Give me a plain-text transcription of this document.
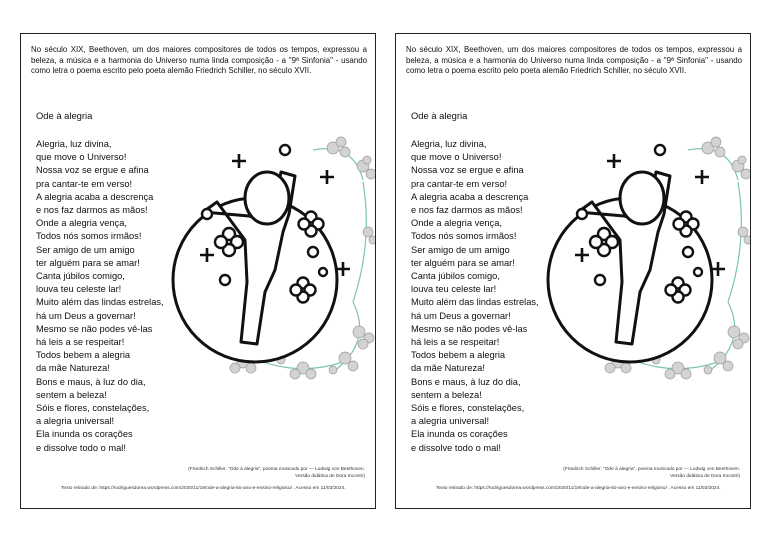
No século XIX, Beethoven, um dos maiores compositores de todos os tempos, expressou a beleza, a música e a harmonia do Universo numa linda composição - a "9ª Sinfonia" - usando como letra o poema escrito pelo poeta alemão Friedrich Schiller, no século XVII.
Ode à alegria
Alegria, luz divina,
que move o Universo!
Nossa voz se ergue e afina
pra cantar-te em verso!
A alegria acaba a descrença
e nos faz darmos as mãos!
Onde a alegria vença,
Todos nós somos irmãos!
Ser amigo de um amigo
ter alguém para se amar!
Canta júbilos comigo,
louva teu celeste lar!
Muito além das lindas estrelas,
há um Deus a governar!
Mesmo se não podes vê-las
há leis a se respeitar!
Todos bebem a alegria
da mãe Natureza!
Bons e maus, à luz do dia,
sentem a beleza!
Sóis e flores, constelações,
a alegria universal!
Ela inunda os corações
e dissolve todo o mal!
(Friedrich Schiller. "Ode à alegria", poema musicado por — Ludwig von Beethoven.
Versão didática de Dora Incontri)
Texto retirado de: https://rodriguesdorea.wordpress.com/2020/11/19/ode-a-alegria-6o-ano-e-ensino-religioso/ . Acesso em 11/03/2024.
No século XIX, Beethoven, um dos maiores compositores de todos os tempos, expressou a beleza, a música e a harmonia do Universo numa linda composição - a "9ª Sinfonia" - usando como letra o poema escrito pelo poeta alemão Friedrich Schiller, no século XVII.
Ode à alegria
Alegria, luz divina,
que move o Universo!
Nossa voz se ergue e afina
pra cantar-te em verso!
A alegria acaba a descrença
e nos faz darmos as mãos!
Onde a alegria vença,
Todos nós somos irmãos!
Ser amigo de um amigo
ter alguém para se amar!
Canta júbilos comigo,
louva teu celeste lar!
Muito além das lindas estrelas,
há um Deus a governar!
Mesmo se não podes vê-las
há leis a se respeitar!
Todos bebem a alegria
da mãe Natureza!
Bons e maus, à luz do dia,
sentem a beleza!
Sóis e flores, constelações,
a alegria universal!
Ela inunda os corações
e dissolve todo o mal!
(Friedrich Schiller. "Ode à alegria", poema musicado por — Ludwig von Beethoven.
Versão didática de Dora Incontri)
Texto retirado de: https://rodriguesdorea.wordpress.com/2020/11/19/ode-a-alegria-6o-ano-e-ensino-religioso/ . Acesso em 11/03/2024.
